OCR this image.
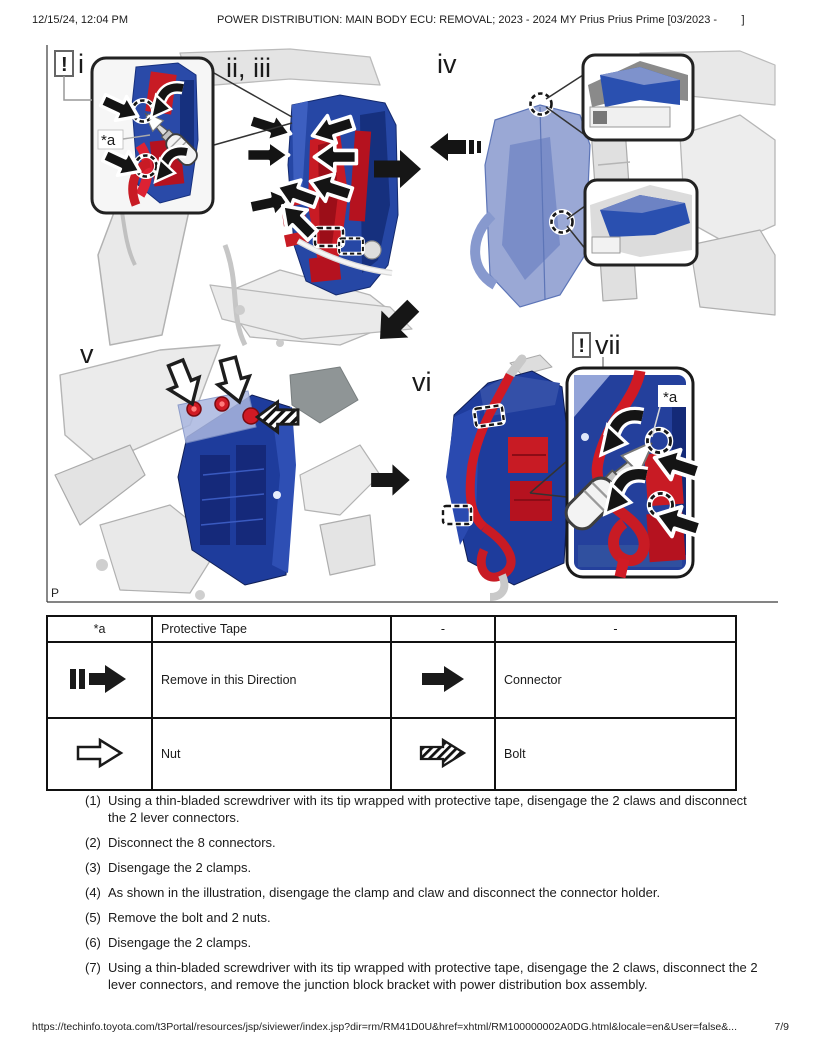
12/15/24, 12:04 PM	POWER DISTRIBUTION: MAIN BODY ECU: REMOVAL; 2023 - 2024 MY Prius Prius Prime [03/2023 -        ]
P
ii, iii
*a
! i	iv
v
vi
! vii
*a
*a	Protective Tape	-	-
	Remove in this Direction		Connector
	Nut		Bolt
(1) Using a thin-bladed screwdriver with its tip wrapped with protective tape, disengage the 2 claws and disconnect the 2 lever connectors.
(2) Disconnect the 8 connectors.
(3) Disengage the 2 clamps.
(4) As shown in the illustration, disengage the clamp and claw and disconnect the connector holder.
(5) Remove the bolt and 2 nuts.
(6) Disengage the 2 clamps.
(7) Using a thin-bladed screwdriver with its tip wrapped with protective tape, disengage the 2 claws, disconnect the 2 lever connectors, and remove the junction block bracket with power distribution box assembly.
https://techinfo.toyota.com/t3Portal/resources/jsp/siviewer/index.jsp?dir=rm/RM41D0U&href=xhtml/RM100000002A0DG.html&locale=en&User=false&...	7/9
